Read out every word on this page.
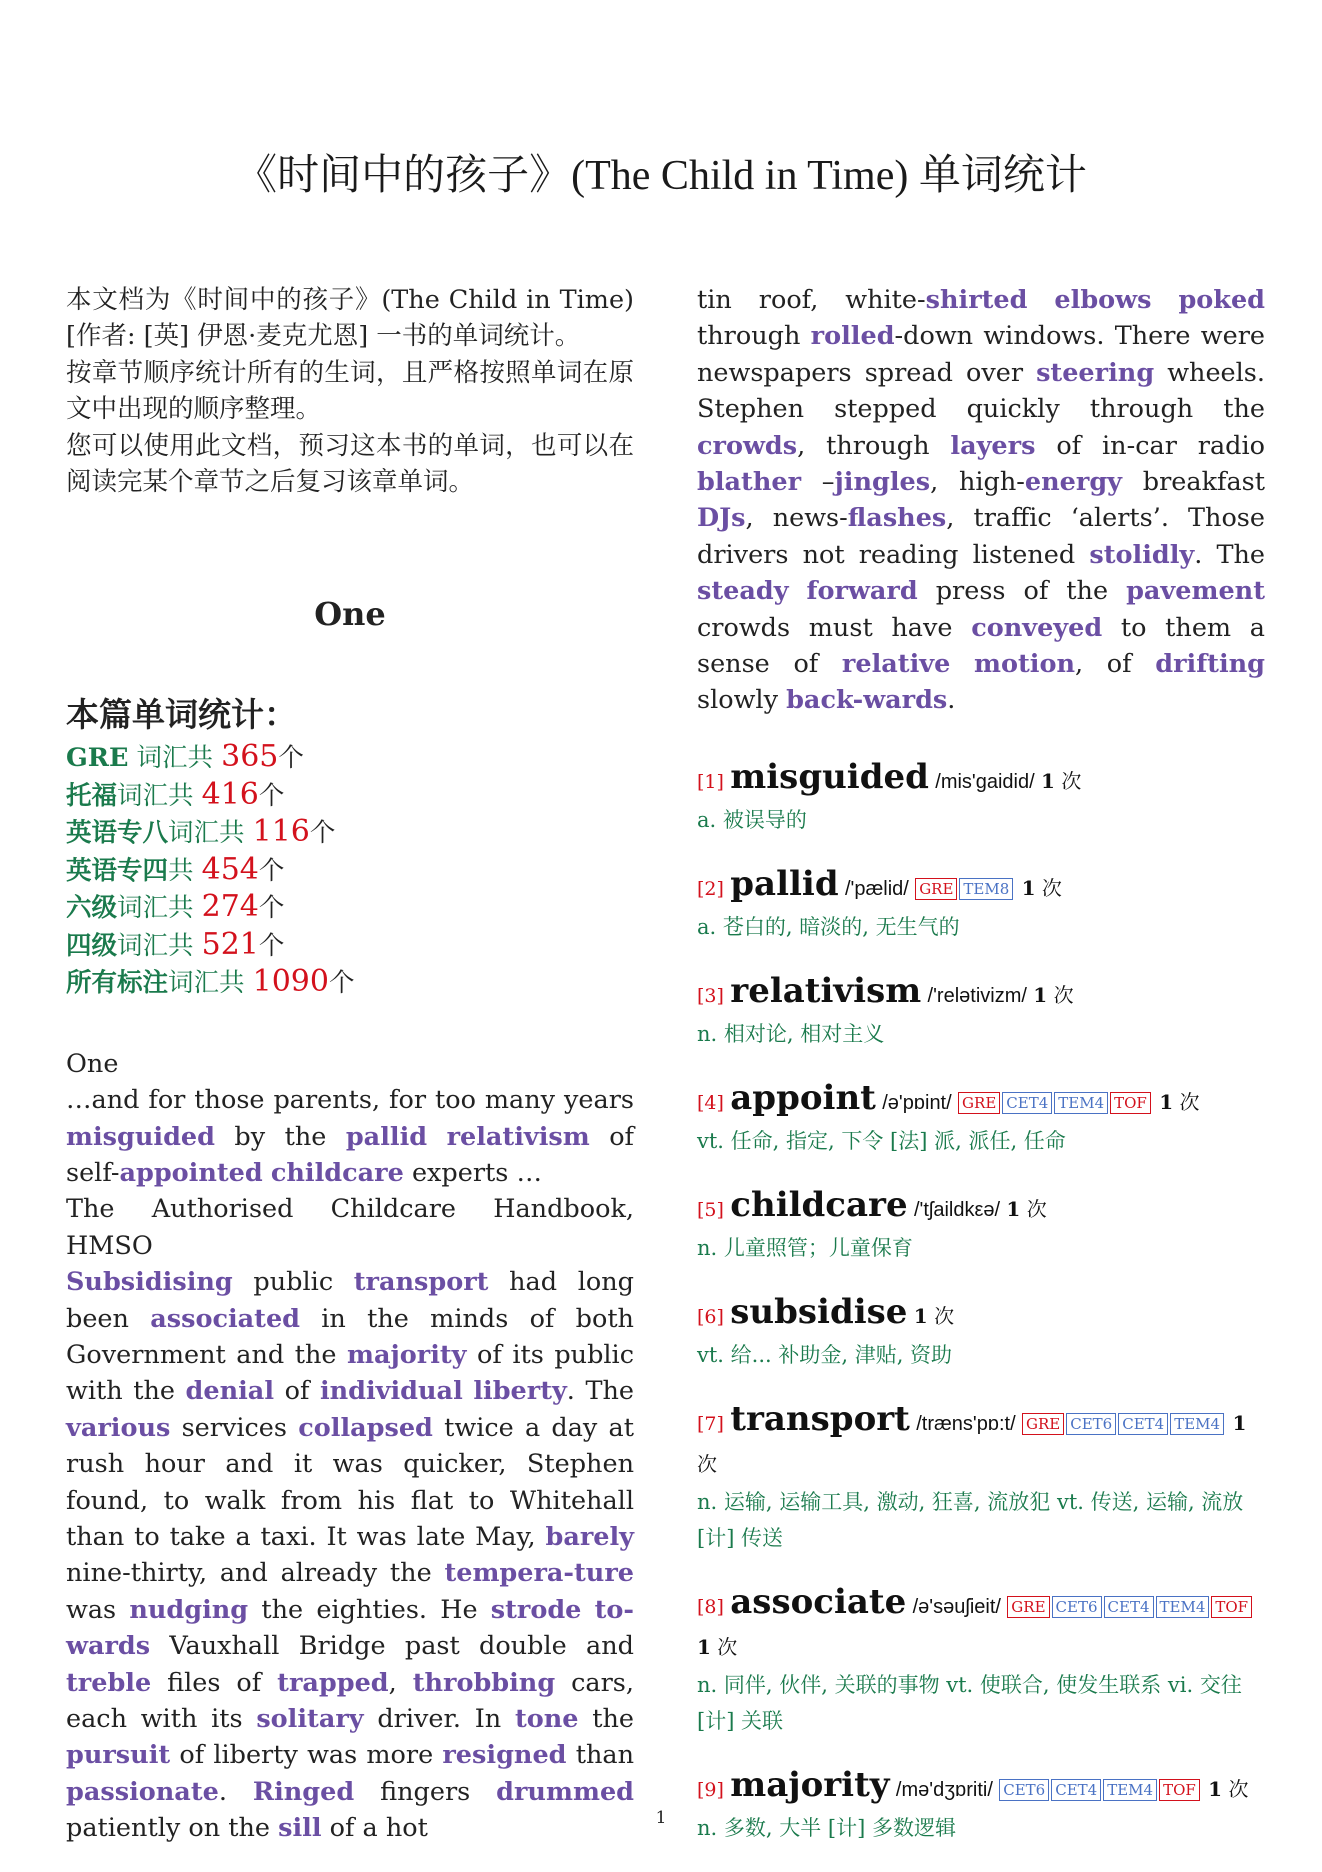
《时间中的孩子》(The Child in Time) 单词统计

本文档为《时间中的孩子》(The Child in Time)[作者: [英] 伊恩·麦克尤恩] 一书的单词统计。

按章节顺序统计所有的生词，且严格按照单词在原文中出现的顺序整理。

您可以使用此文档，预习这本书的单词，也可以在阅读完某个章节之后复习该章单词。

One
本篇单词统计：
GRE 词汇共 365个
托福词汇共 416个
英语专八词汇共 116个
英语专四共 454个
六级词汇共 274个
四级词汇共 521个
所有标注词汇共 1090个

One

…and for those parents, for too many years misguided by the pallid relativism of self-appointed childcare experts …

The Authorised Childcare Handbook, HMSO

Subsidising public transport had long been associated in the minds of both Government and the majority of its public with the denial of individual liberty. The various services collapsed twice a day at rush hour and it was quicker, Stephen found, to walk from his flat to Whitehall than to take a taxi. It was late May, barely nine-thirty, and already the tempera-ture was nudging the eighties. He strode to-wards Vauxhall Bridge past double and treble files of trapped, throbbing cars, each with its solitary driver. In tone the pursuit of liberty was more resigned than passionate. Ringed fingers drummed patiently on the sill of a hot

tin roof, white-shirted elbows poked through rolled-down windows. There were newspapers spread over steering wheels. Stephen stepped quickly through the crowds, through layers of in-car radio blather –jingles, high-energy breakfast DJs, news-flashes, traffic ‘alerts’. Those drivers not reading listened stolidly. The steady forward press of the pavement crowds must have conveyed to them a sense of relative motion, of drifting slowly back-wards.

[1] misguided /mis'gaidid/ 1 次
a. 被误导的
[2] pallid /'pælid/ GRE TEM8 1 次
a. 苍白的, 暗淡的, 无生气的
[3] relativism /'relətivizm/ 1 次
n. 相对论, 相对主义
[4] appoint /ə'pɒint/ GRE CET4 TEM4 TOF 1 次
vt. 任命, 指定, 下令 [法] 派, 派任, 任命
[5] childcare /'tʃaildkεə/ 1 次
n. 儿童照管；儿童保育
[6] subsidise 1 次
vt. 给... 补助金, 津贴, 资助
[7] transport /træns'pɒ:t/ GRE CET6 CET4 TEM4 1 次
n. 运输, 运输工具, 激动, 狂喜, 流放犯 vt. 传送, 运输, 流放 [计] 传送
[8] associate /ə'səuʃieit/ GRE CET6 CET4 TEM4 TOF 1 次
n. 同伴, 伙伴, 关联的事物 vt. 使联合, 使发生联系 vi. 交往 [计] 关联
[9] majority /mə'dʒɒriti/ CET6 CET4 TEM4 TOF 1 次
n. 多数, 大半 [计] 多数逻辑
1
